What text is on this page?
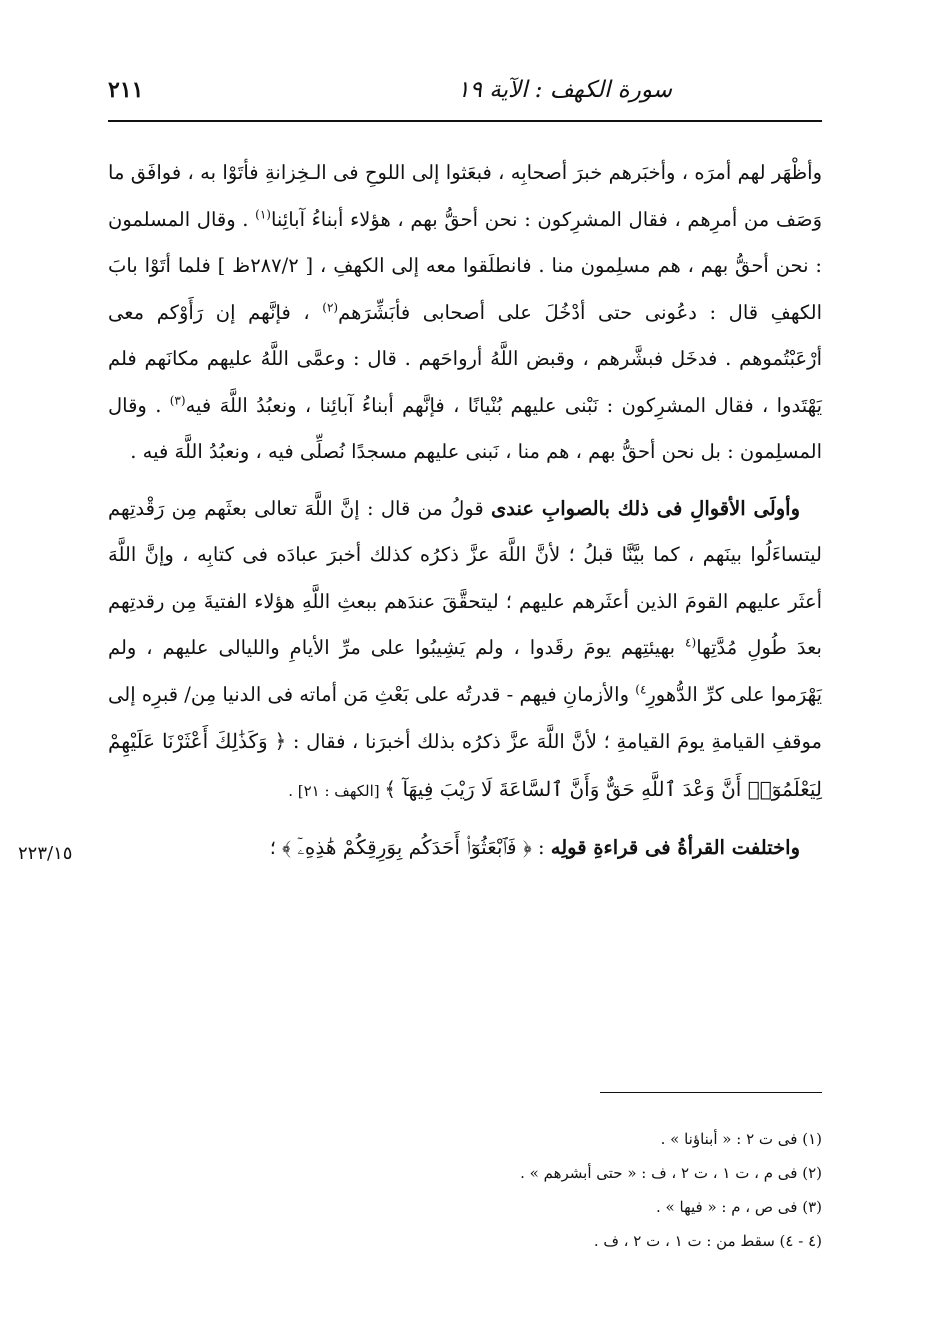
سورة الكهف : الآية ١٩
٢١١

وأظْهَر لهم أمرَه ، وأخبَرهم خبرَ أصحابِه ، فبعَثوا إلى اللوحِ فى الـخِزانةِ فأتَوْا به ، فوافَق ما وَصَف من أمرِهم ، فقال المشرِكون : نحن أحقُّ بهم ، هؤلاء أبناءُ آبائِنا$^{(١)}$ . وقال المسلمون : نحن أحقُّ بهم ، هم مسلِمون منا . فانطلَقوا معه إلى الكهفِ ، [ ٢٨٧/٢ظ ] فلما أتَوْا بابَ الكهفِ قال : دعُونى حتى أدْخُلَ على أصحابى فأبَشِّرَهم$^{(٢)}$ ، فإنَّهم إن رَأَوْكم معى أرْعَبْتُموهم . فدخَل فبشَّرهم ، وقبض اللَّهُ أرواحَهم . قال : وعمَّى اللَّهُ عليهم مكانَهم فلم يَهْتَدوا ، فقال المشرِكون : نَبْنى عليهم بُنْيانًا ، فإنَّهم أبناءُ آبائِنا ، ونعبُدُ اللَّهَ فيه$^{(٣)}$ . وقال المسلِمون : بل نحن أحقُّ بهم ، هم منا ، نَبنى عليهم مسجدًا نُصلِّى فيه ، ونعبُدُ اللَّهَ فيه .

وأولَى الأقوالِ فى ذلك بالصوابِ عندى قولُ من قال : إنَّ اللَّهَ تعالى بعثَهم مِن رَقْدتِهم ليتساءَلُوا بينَهم ، كما بيَّنَّا قبلُ ؛ لأنَّ اللَّهَ عزَّ ذكرُه كذلك أخبرَ عبادَه فى كتابِه ، وإنَّ اللَّهَ أعثَر عليهم القومَ الذين أعثَرهم عليهم ؛ ليتحقَّقَ عندَهم ببعثِ اللَّهِ هؤلاء الفتيةَ مِن رقدتِهم بعدَ طُولِ مُدَّتِها$^{(٤}$ بهيئتِهم يومَ رقَدوا ، ولم يَشِيبُوا على مرِّ الأيامِ والليالى عليهم ، ولم يَهْرَموا على كرِّ الدُّهورِ$^{٤)}$ والأزمانِ فيهم - قدرتُه على بَعْثِ مَن أماته فى الدنيا مِن/ قبرِه إلى موقفِ القيامةِ يومَ القيامةِ ؛ لأنَّ اللَّهَ عزَّ ذكرُه بذلك أخبرَنا ، فقال : ﴿ وَكَذَٰلِكَ أَعْثَرْنَا عَلَيْهِمْ لِيَعْلَمُوٓا۟ أَنَّ وَعْدَ ٱللَّهِ حَقٌّ وَأَنَّ ٱلسَّاعَةَ لَا رَيْبَ فِيهَآ ﴾ [الكهف : ٢١] .

واختلفت القرأةُ فى قراءةِ قولِه : ﴿ فَٱبْعَثُوٓا۟ أَحَدَكُم بِوَرِقِكُمْ هَٰذِهِۦٓ ﴾ ؛

٢٢٣/١٥

(١) فى ت ٢ : « أبناؤنا » .

(٢) فى م ، ت ١ ، ت ٢ ، ف : « حتى أبشرهم » .

(٣) فى ص ، م : « فيها » .

(٤ - ٤) سقط من : ت ١ ، ت ٢ ، ف .
